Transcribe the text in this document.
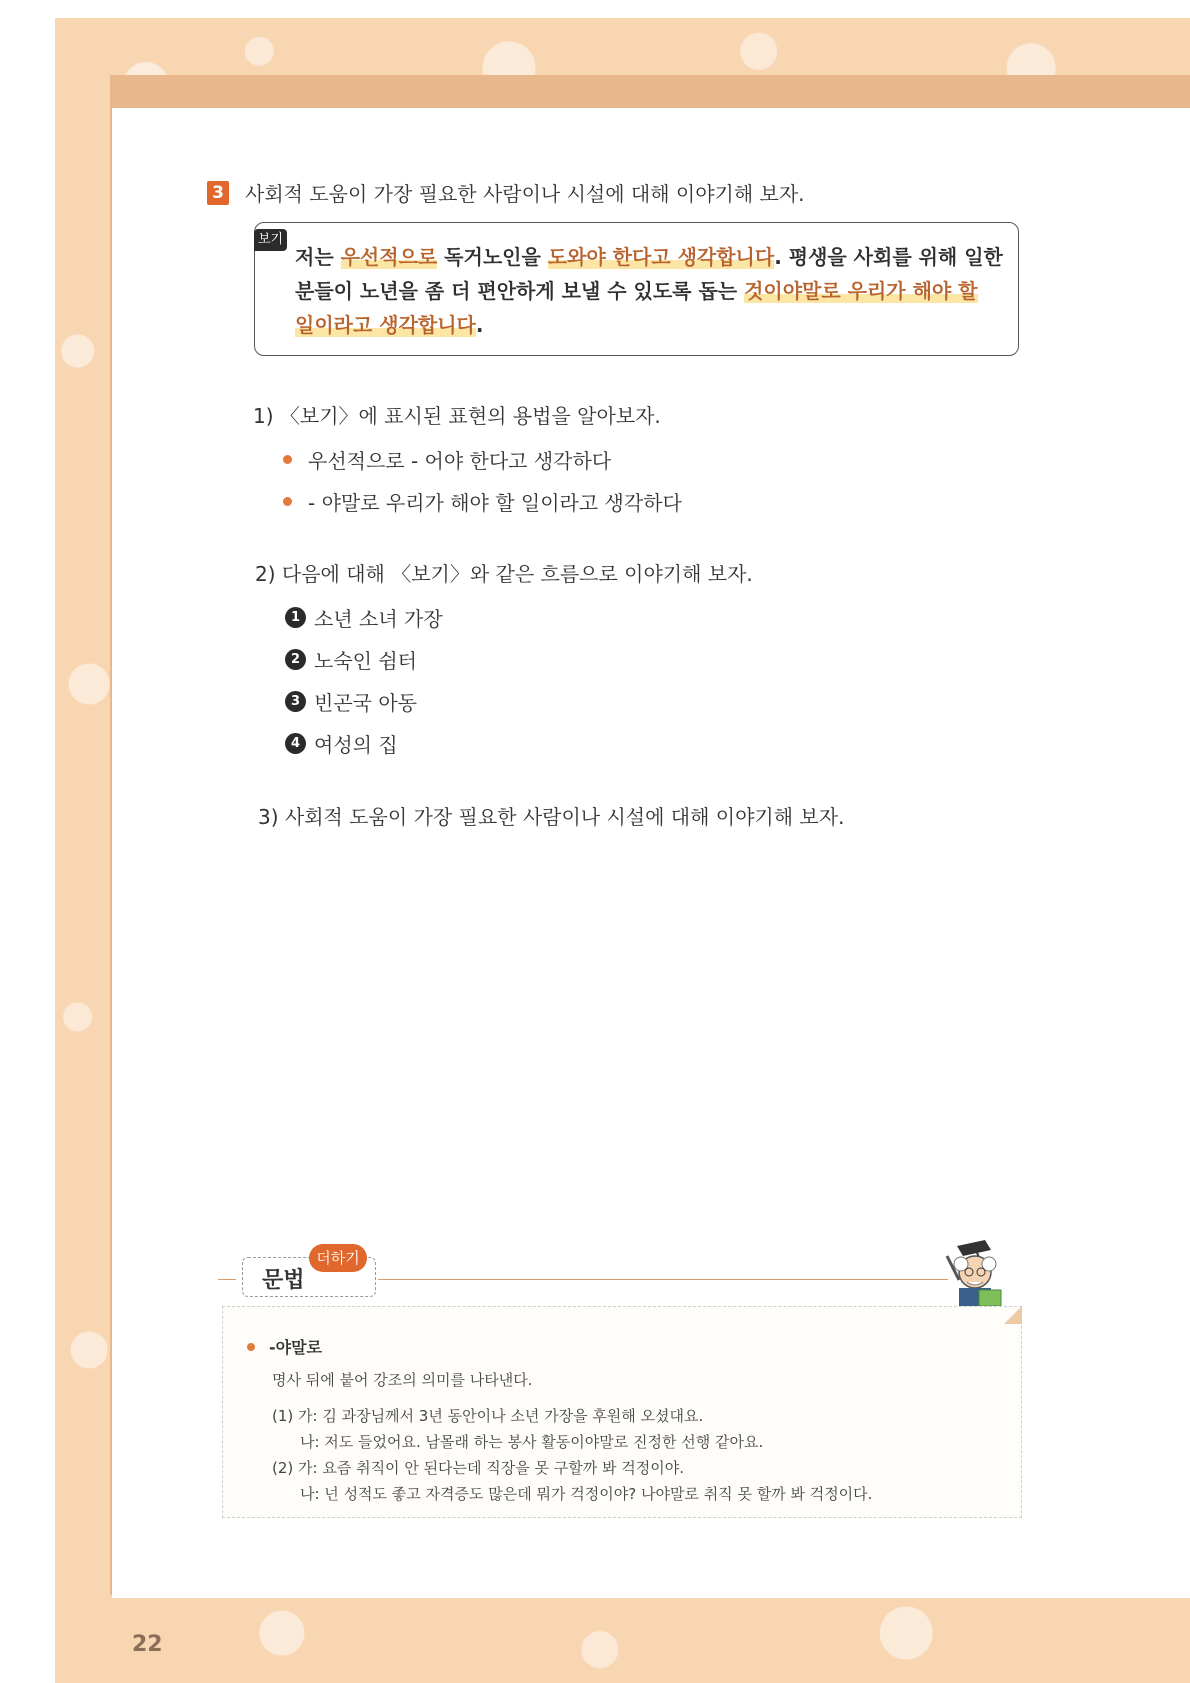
3 사회적 도움이 가장 필요한 사람이나 시설에 대해 이야기해 보자.
보기
저는 우선적으로 독거노인을 도와야 한다고 생각합니다. 평생을 사회를 위해 일한
분들이 노년을 좀 더 편안하게 보낼 수 있도록 돕는 것이야말로 우리가 해야 할
일이라고 생각합니다.
1) 〈보기〉에 표시된 표현의 용법을 알아보자.
우선적으로 - 어야 한다고 생각하다
- 야말로 우리가 해야 할 일이라고 생각하다
2) 다음에 대해 〈보기〉와 같은 흐름으로 이야기해 보자.
1 소년 소녀 가장
2 노숙인 쉼터
3 빈곤국 아동
4 여성의 집
3) 사회적 도움이 가장 필요한 사람이나 시설에 대해 이야기해 보자.
문법
더하기
-야말로
명사 뒤에 붙어 강조의 의미를 나타낸다.
(1) 가: 김 과장님께서 3년 동안이나 소년 가장을 후원해 오셨대요.
나: 저도 들었어요. 남몰래 하는 봉사 활동이야말로 진정한 선행 같아요.
(2) 가: 요즘 취직이 안 된다는데 직장을 못 구할까 봐 걱정이야.
나: 넌 성적도 좋고 자격증도 많은데 뭐가 걱정이야? 나야말로 취직 못 할까 봐 걱정이다.
22
